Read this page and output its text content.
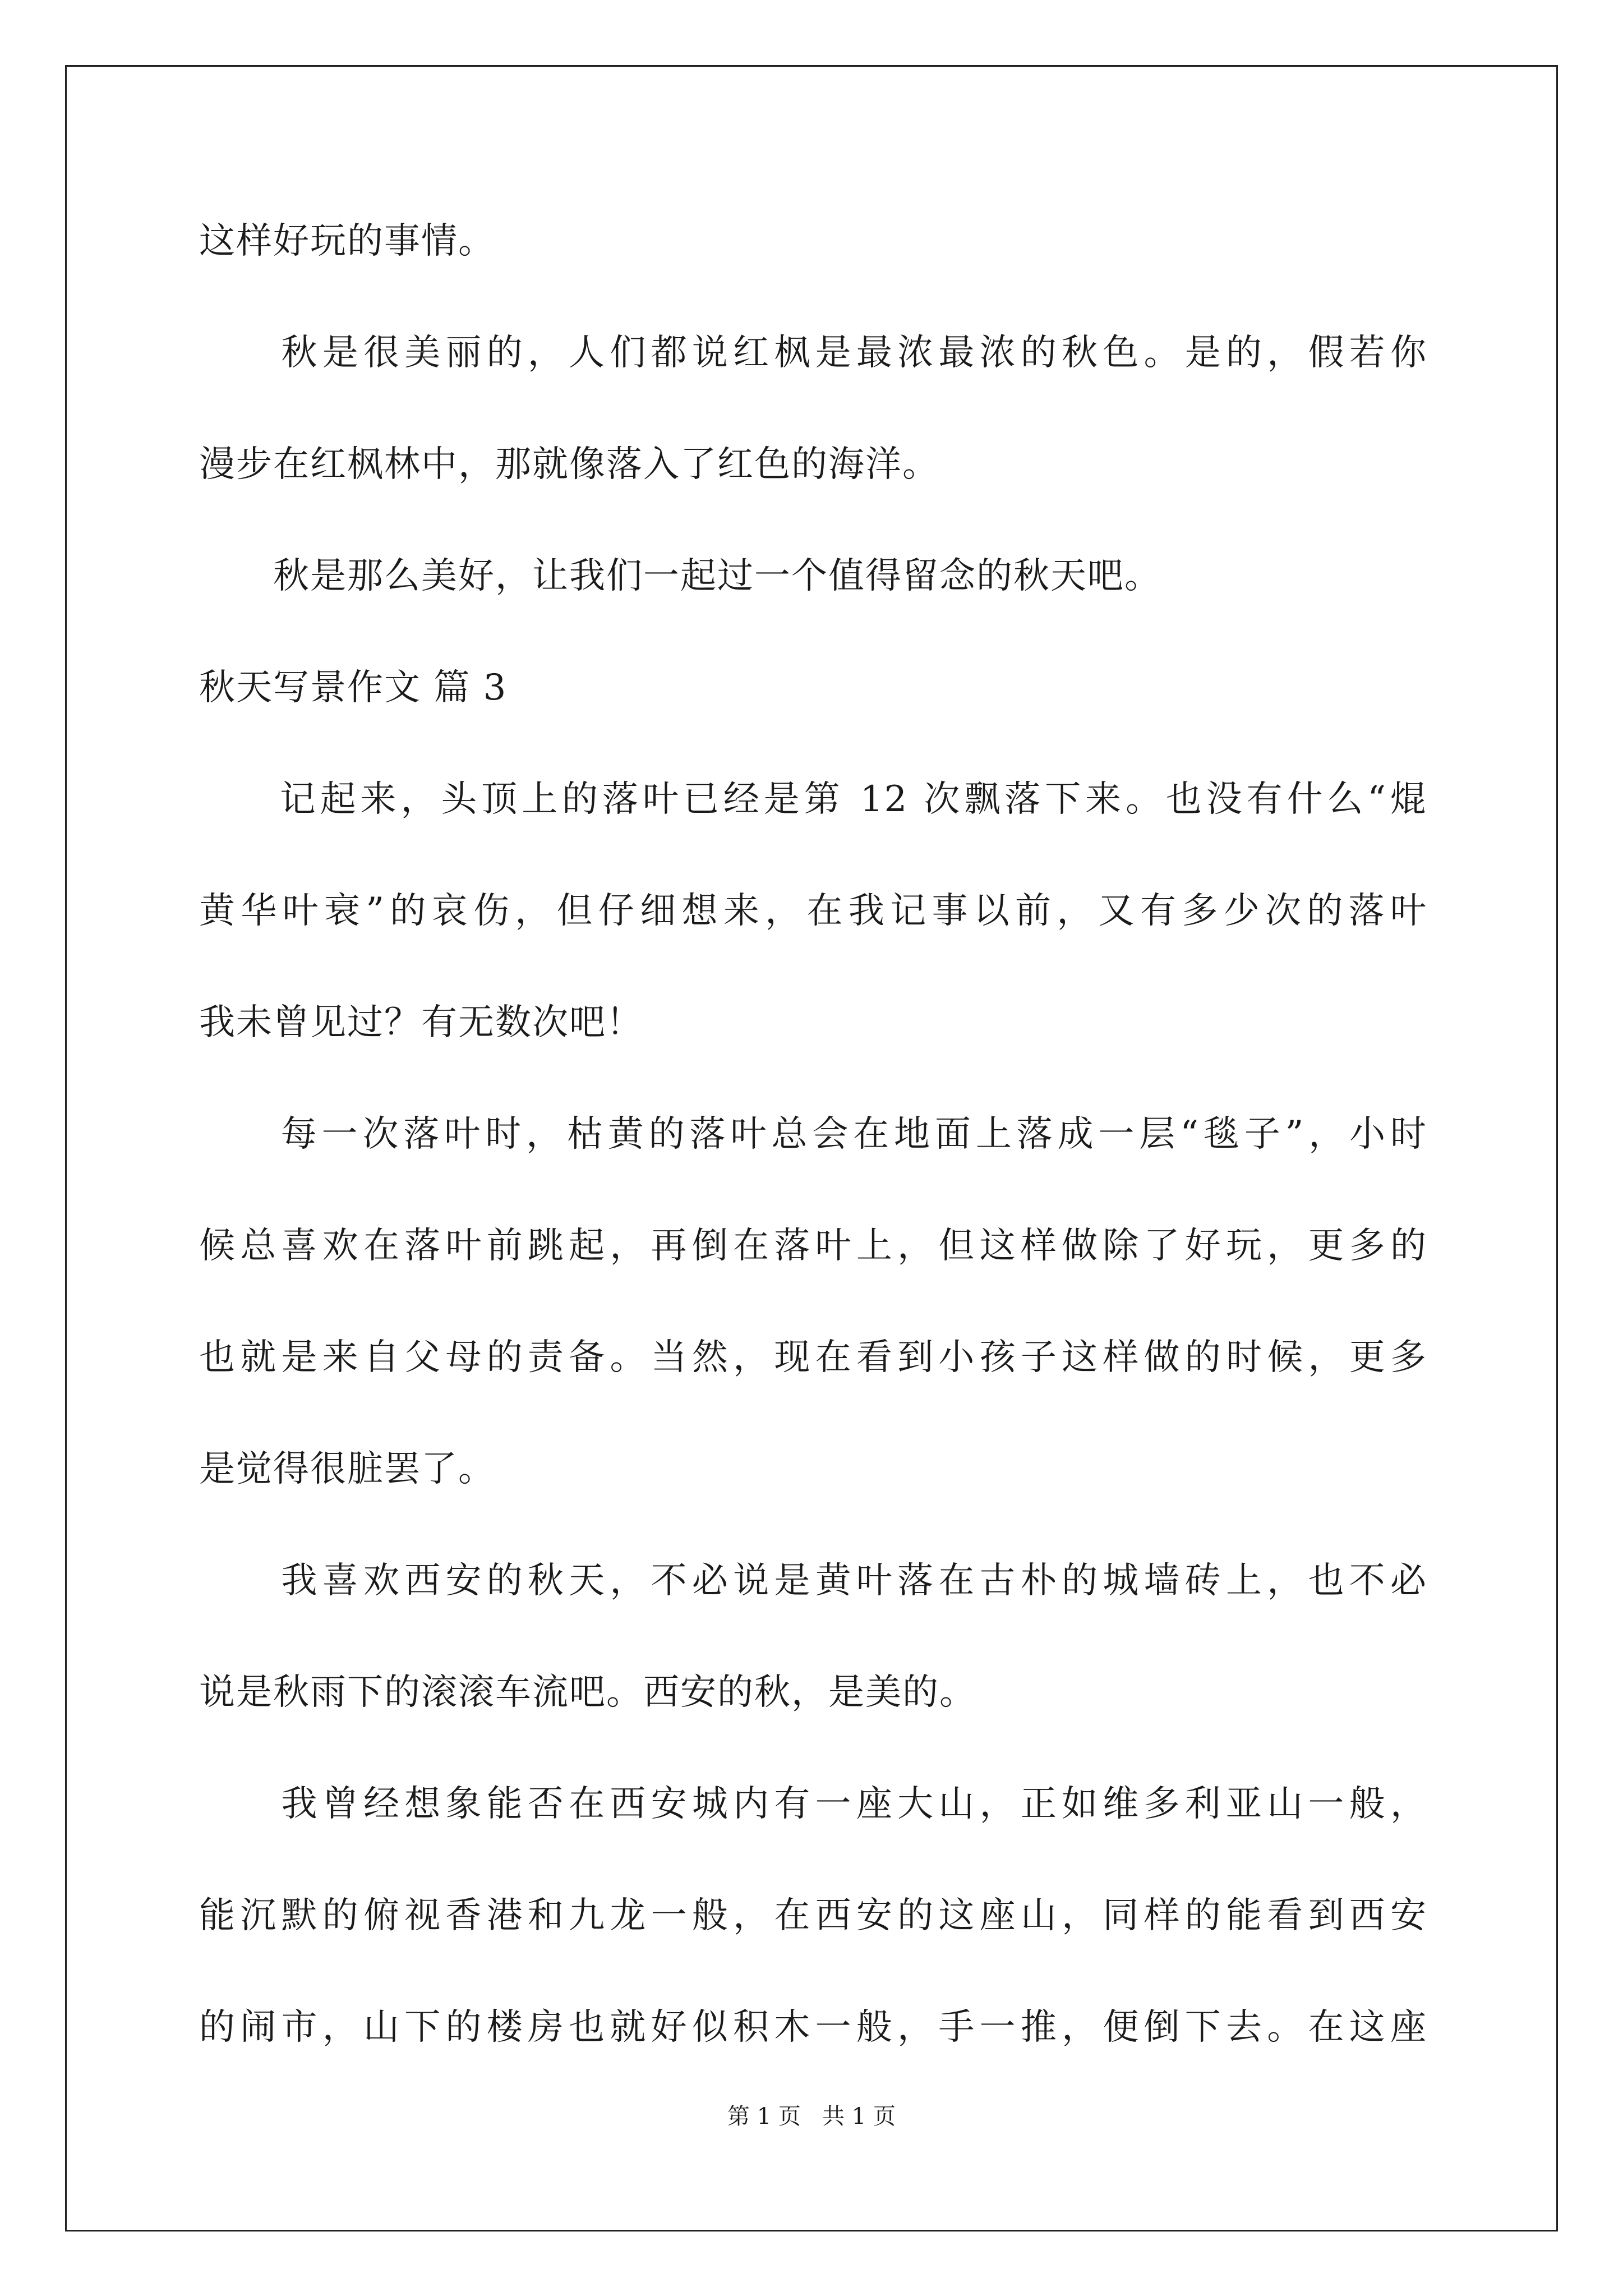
这样好玩的事情。
　　秋是很美丽的，人们都说红枫是最浓最浓的秋色。是的，假若你
漫步在红枫林中，那就像落入了红色的海洋。
　　秋是那么美好，让我们一起过一个值得留念的秋天吧。
秋天写景作文 篇 3
　　记起来，头顶上的落叶已经是第 12 次飘落下来。也没有什么“焜
黄华叶衰”的哀伤，但仔细想来，在我记事以前，又有多少次的落叶
我未曾见过？有无数次吧！
　　每一次落叶时，枯黄的落叶总会在地面上落成一层“毯子”，小时
候总喜欢在落叶前跳起，再倒在落叶上，但这样做除了好玩，更多的
也就是来自父母的责备。当然，现在看到小孩子这样做的时候，更多
是觉得很脏罢了。
　　我喜欢西安的秋天，不必说是黄叶落在古朴的城墙砖上，也不必
说是秋雨下的滚滚车流吧。西安的秋，是美的。
　　我曾经想象能否在西安城内有一座大山，正如维多利亚山一般，
能沉默的俯视香港和九龙一般，在西安的这座山，同样的能看到西安
的闹市，山下的楼房也就好似积木一般，手一推，便倒下去。在这座
第 1 页   共 1 页
